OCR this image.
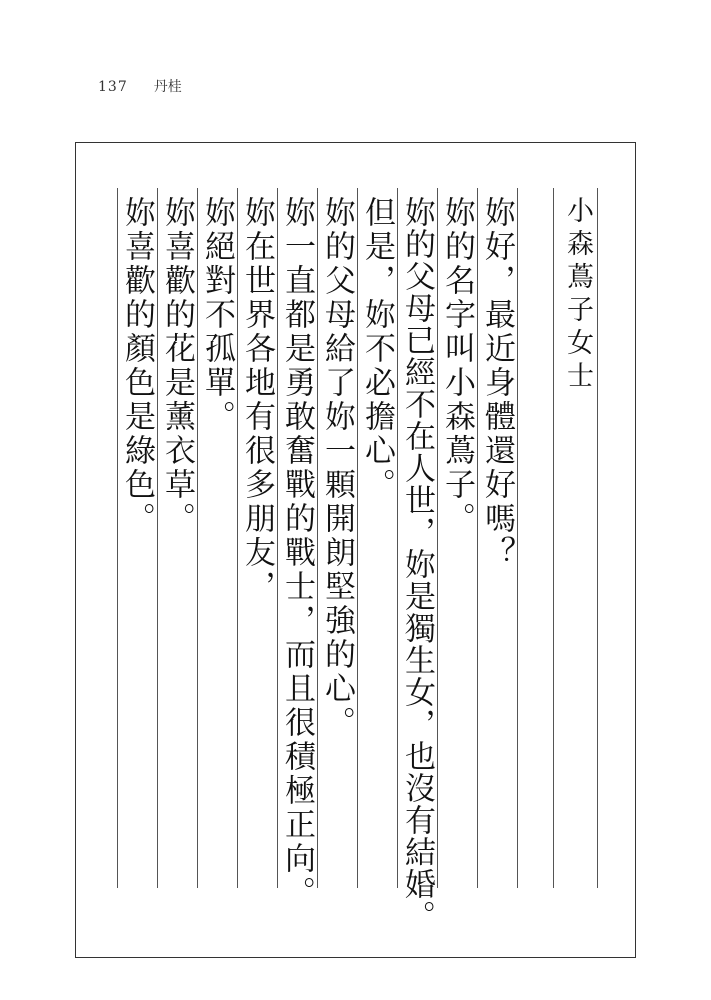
137 丹桂
小森蔦子女士
妳好，最近身體還好嗎？
妳的名字叫小森蔦子。
妳的父母已經不在人世，妳是獨生女，也沒有結婚。
但是，妳不必擔心。
妳的父母給了妳一顆開朗堅強的心。
妳一直都是勇敢奮戰的戰士，而且很積極正向。
妳在世界各地有很多朋友，
妳絕對不孤單。
妳喜歡的花是薰衣草。
妳喜歡的顏色是綠色。
